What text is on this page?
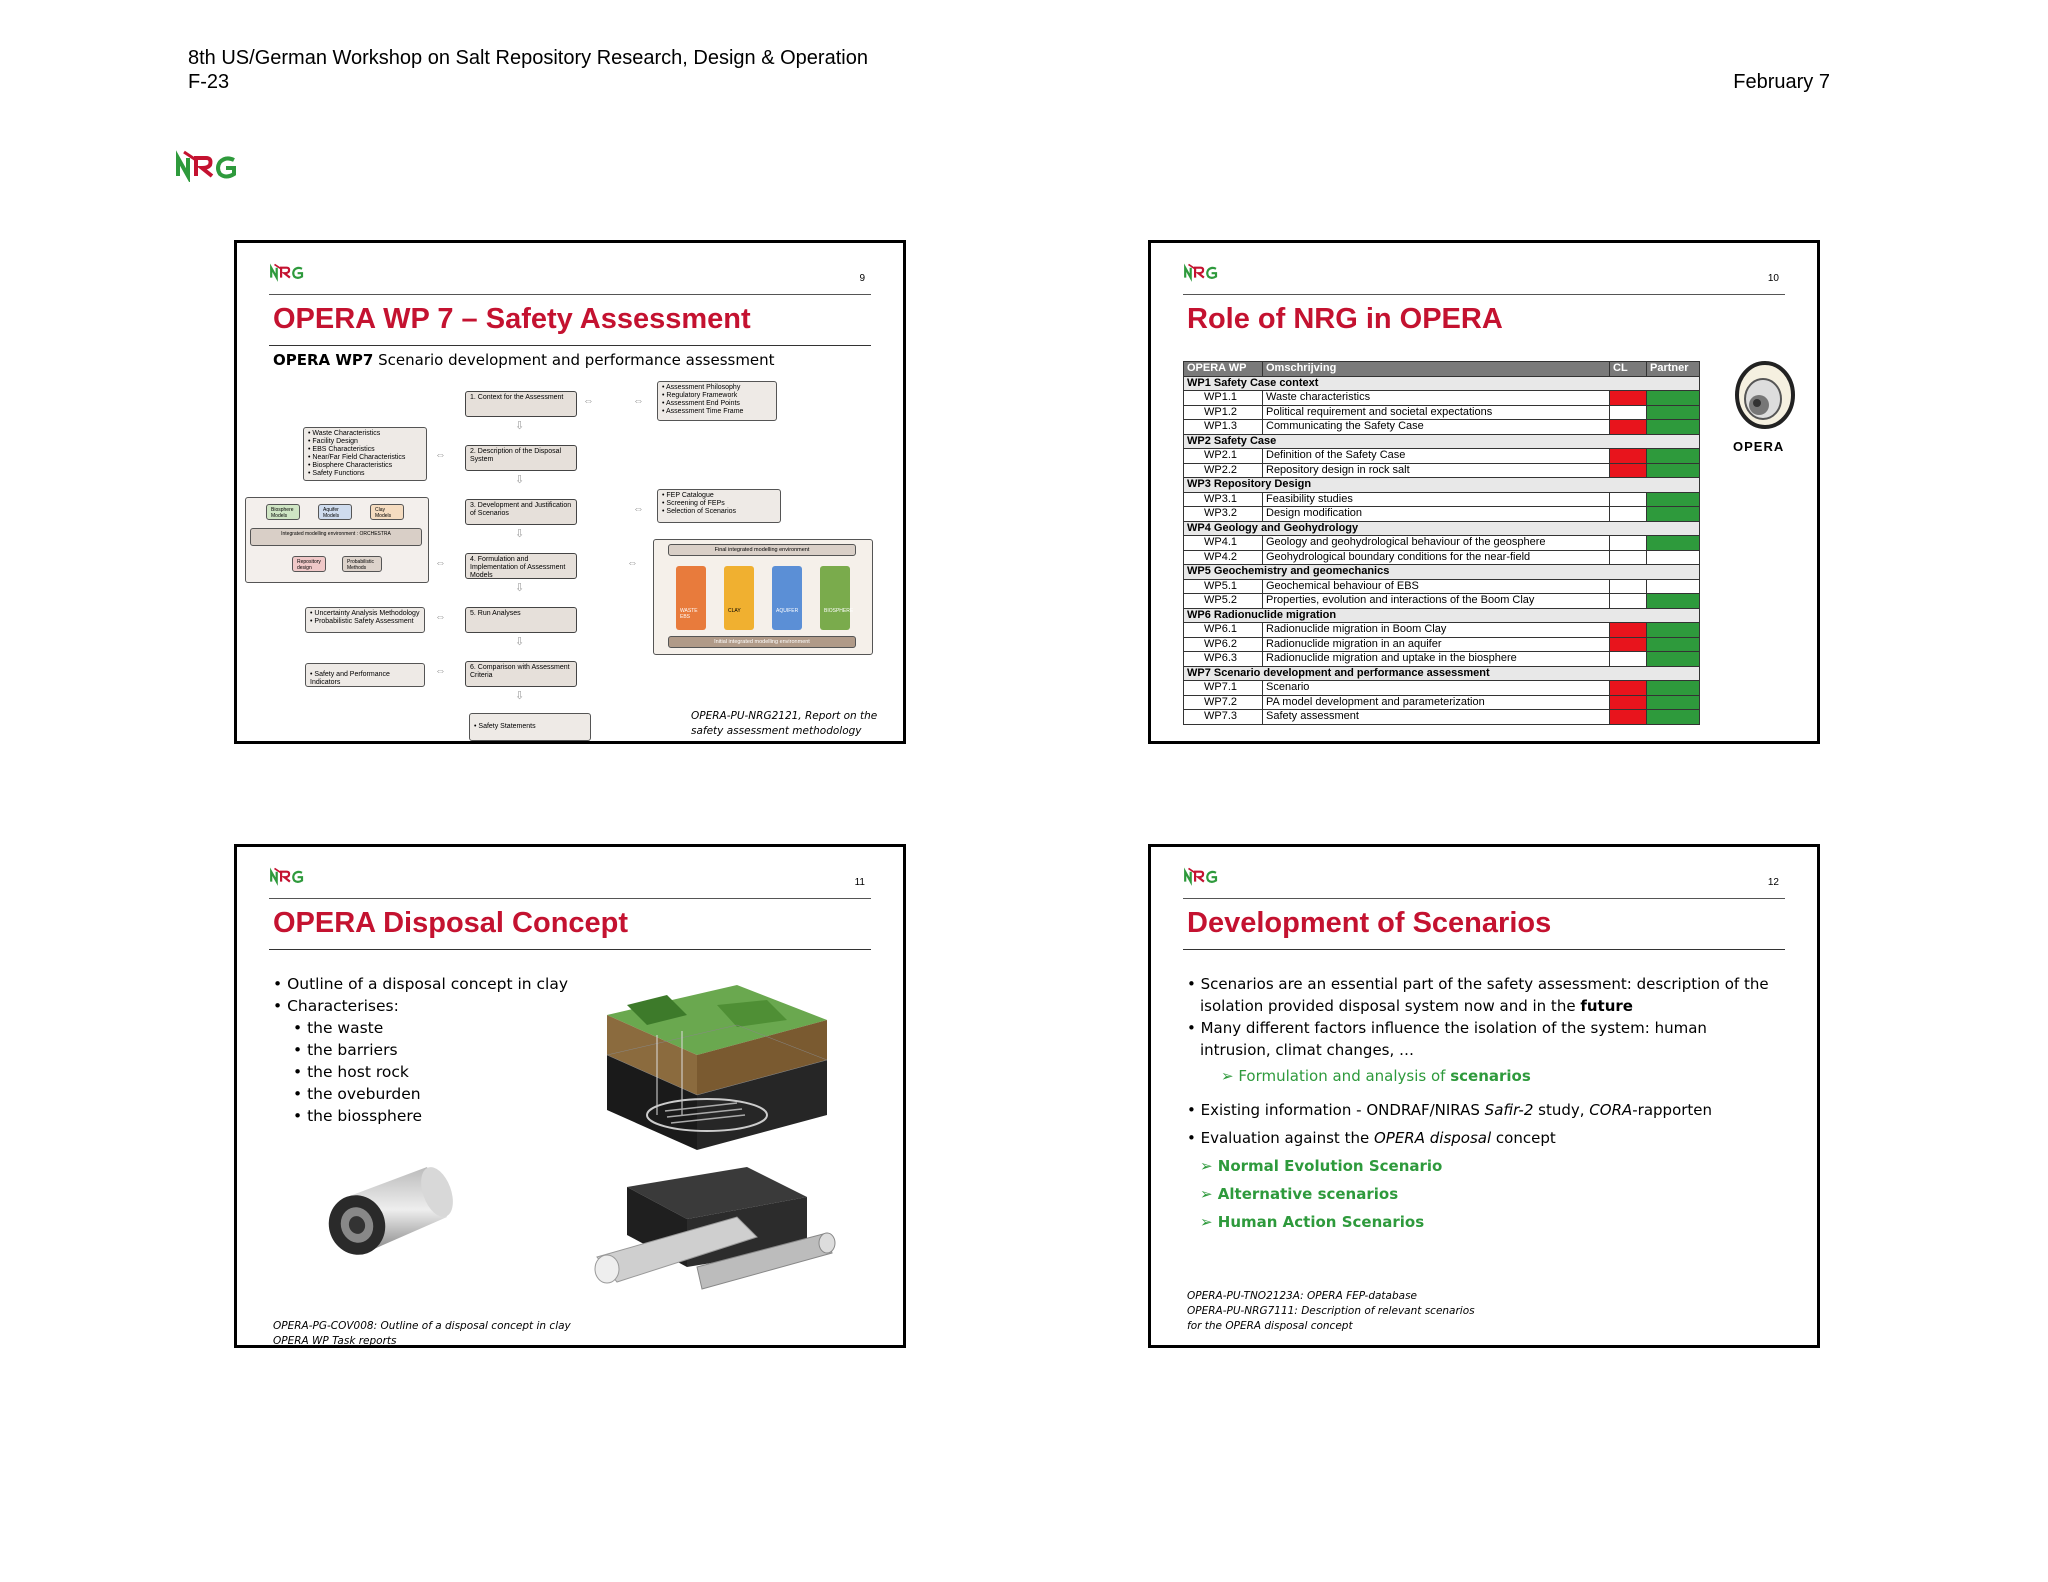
8th US/German Workshop on Salt Repository Research, Design & Operation
F-23	February 7
9
OPERA WP 7 – Safety Assessment
OPERA WP7 Scenario development and performance assessment
1. Context for the Assessment
2. Description of the Disposal System
3. Development and Justification of Scenarios
4. Formulation and Implementation of Assessment Models
5. Run Analyses
6. Comparison with Assessment Criteria
⇩
⇩
⇩
⇩
⇩
⇩
• Assessment Philosophy
• Regulatory Framework
• Assessment End Points
• Assessment Time Frame
⇔	⇔
• Waste Characteristics
• Facility Design
• EBS Characteristics
• Near/Far Field Characteristics
• Biosphere Characteristics
• Safety Functions
⇔
• FEP Catalogue
• Screening of FEPs
• Selection of Scenarios
⇔
Biosphere Models
Aquifer Models
Clay Models
Integrated modelling environment : ORCHESTRA
Repository design
Probabilistic Methods	⇔
Final integrated modelling environment
WASTE EBS
CLAY	AQUIFER	BIOSPHERE
Initial integrated modelling environment
⇔
• Uncertainty Analysis Methodology
• Probabilistic Safety Assessment	⇔
• Safety and Performance Indicators
⇔
• Safety Statements
OPERA-PU-NRG2121, Report on the
safety assessment methodology
10
Role of NRG in OPERA
OPERA WP	Omschrijving	CL	Partner
WP1 Safety Case context			
WP1.1	Waste characteristics		
WP1.2	Political requirement and societal expectations		
WP1.3	Communicating the Safety Case		
WP2 Safety Case			
WP2.1	Definition of the Safety Case		
WP2.2	Repository design in rock salt		
WP3 Repository Design			
WP3.1	Feasibility studies		
WP3.2	Design modification		
WP4 Geology and Geohydrology			
WP4.1	Geology and geohydrological behaviour of the geosphere		
WP4.2	Geohydrological boundary conditions for the near-field		
WP5 Geochemistry and geomechanics			
WP5.1	Geochemical behaviour of EBS		
WP5.2	Properties, evolution and interactions of the Boom Clay		
WP6 Radionuclide migration			
WP6.1	Radionuclide migration in Boom Clay		
WP6.2	Radionuclide migration in an aquifer		
WP6.3	Radionuclide migration and uptake in the biosphere		
WP7 Scenario development and performance assessment			
WP7.1	Scenario		
WP7.2	PA model development and parameterization		
WP7.3	Safety assessment		
OPERA
11
OPERA Disposal Concept
• Outline of a disposal concept in clay
• Characterises:
• the waste
• the barriers
• the host rock
• the oveburden
• the biossphere
OPERA-PG-COV008: Outline of a disposal concept in clay
OPERA WP Task reports
12
Development of Scenarios
• Scenarios are an essential part of the safety assessment: description of the
isolation provided disposal system now and in the future
• Many different factors influence the isolation of the system: human
intrusion, climat changes, …
➢ Formulation and analysis of scenarios
• Existing information - ONDRAF/NIRAS Safir-2 study, CORA-rapporten
• Evaluation against the OPERA disposal concept
➢ Normal Evolution Scenario
➢ Alternative scenarios
➢ Human Action Scenarios
OPERA-PU-TNO2123A: OPERA FEP-database
OPERA-PU-NRG7111: Description of relevant scenarios
for the OPERA disposal concept
